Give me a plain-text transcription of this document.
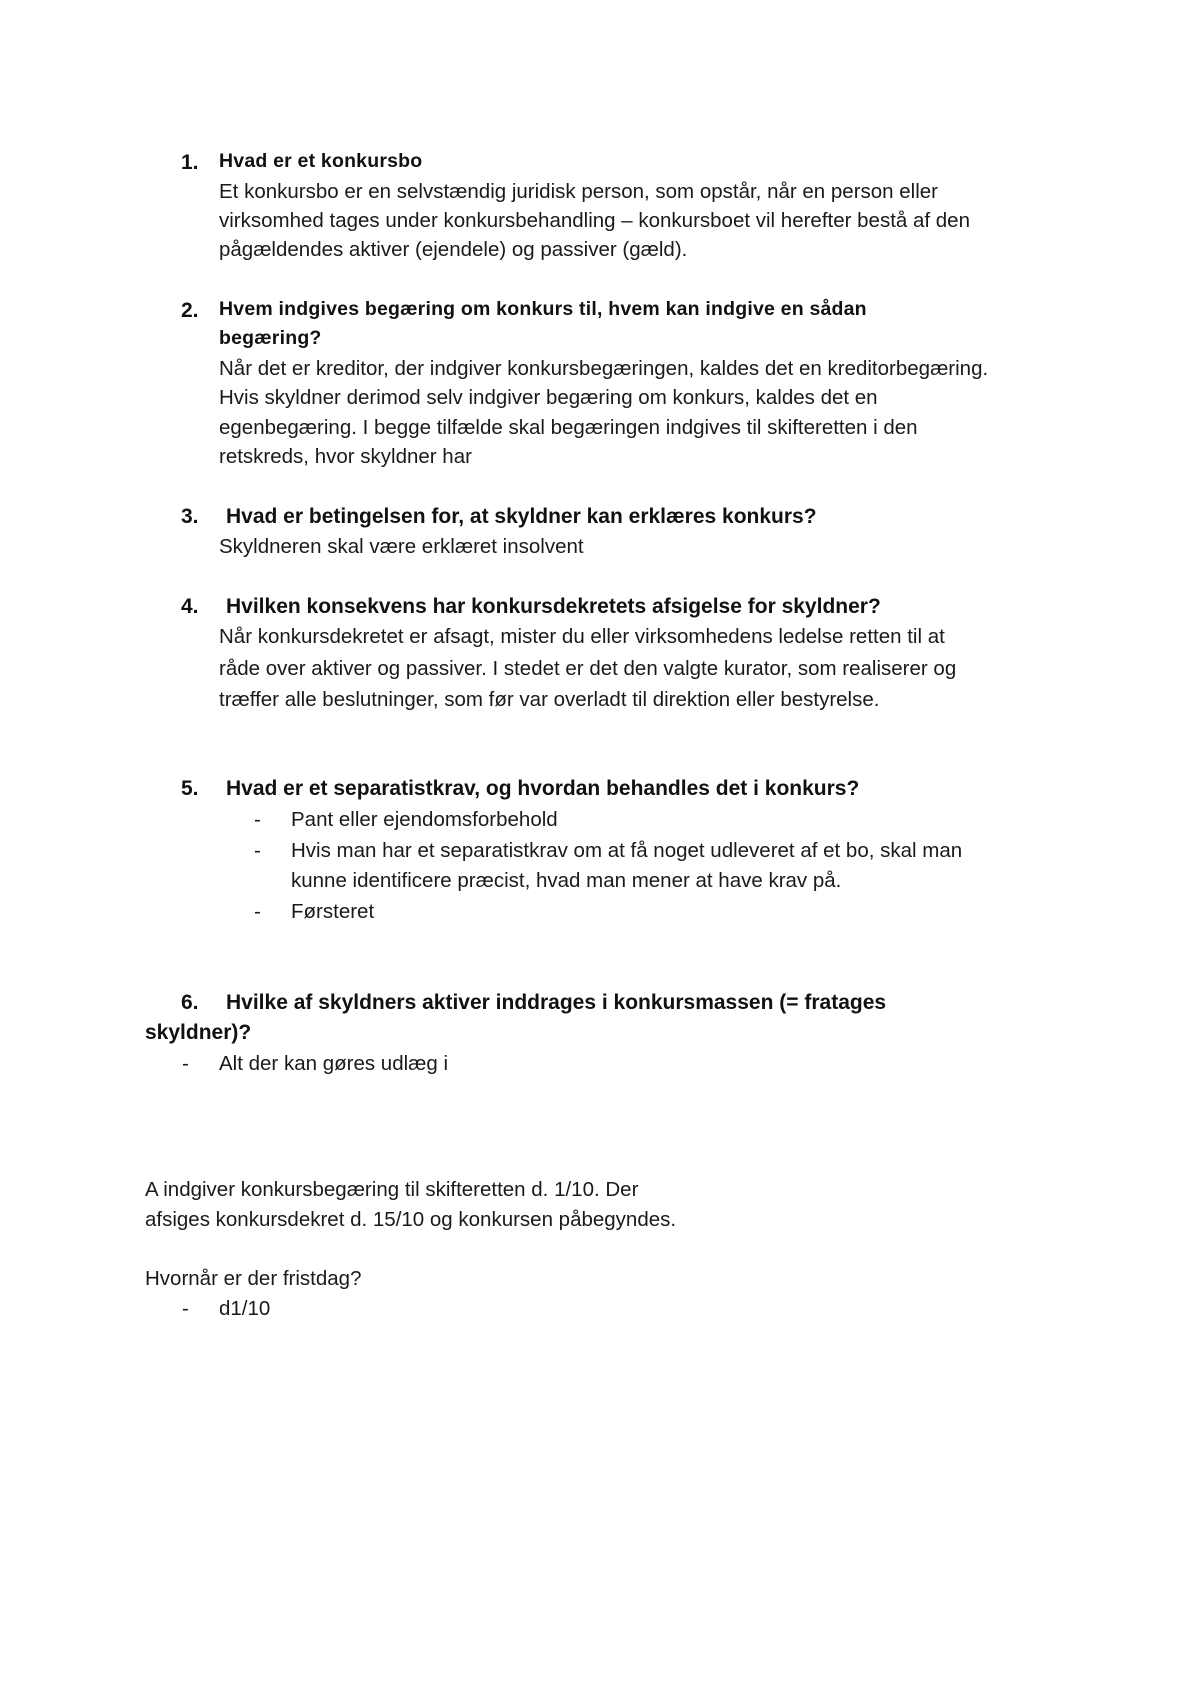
1. Hvad er et konkursbo
Et konkursbo er en selvstændig juridisk person, som opstår, når en person eller
virksomhed tages under konkursbehandling – konkursboet vil herefter bestå af den
pågældendes aktiver (ejendele) og passiver (gæld).
2. Hvem indgives begæring om konkurs til, hvem kan indgive en sådan
begæring?
Når det er kreditor, der indgiver konkursbegæringen, kaldes det en kreditorbegæring.
Hvis skyldner derimod selv indgiver begæring om konkurs, kaldes det en
egenbegæring. I begge tilfælde skal begæringen indgives til skifteretten i den
retskreds, hvor skyldner har
3. Hvad er betingelsen for, at skyldner kan erklæres konkurs?
Skyldneren skal være erklæret insolvent
4. Hvilken konsekvens har konkursdekretets afsigelse for skyldner?
Når konkursdekretet er afsagt, mister du eller virksomhedens ledelse retten til at
råde over aktiver og passiver. I stedet er det den valgte kurator, som realiserer og
træffer alle beslutninger, som før var overladt til direktion eller bestyrelse.
5. Hvad er et separatistkrav, og hvordan behandles det i konkurs?
- Pant eller ejendomsforbehold
- Hvis man har et separatistkrav om at få noget udleveret af et bo, skal man
kunne identificere præcist, hvad man mener at have krav på.
- Førsteret
6. Hvilke af skyldners aktiver inddrages i konkursmassen (= fratages
skyldner)?
- Alt der kan gøres udlæg i
A indgiver konkursbegæring til skifteretten d. 1/10. Der
afsiges konkursdekret d. 15/10 og konkursen påbegyndes.
Hvornår er der fristdag?
- d1/10
